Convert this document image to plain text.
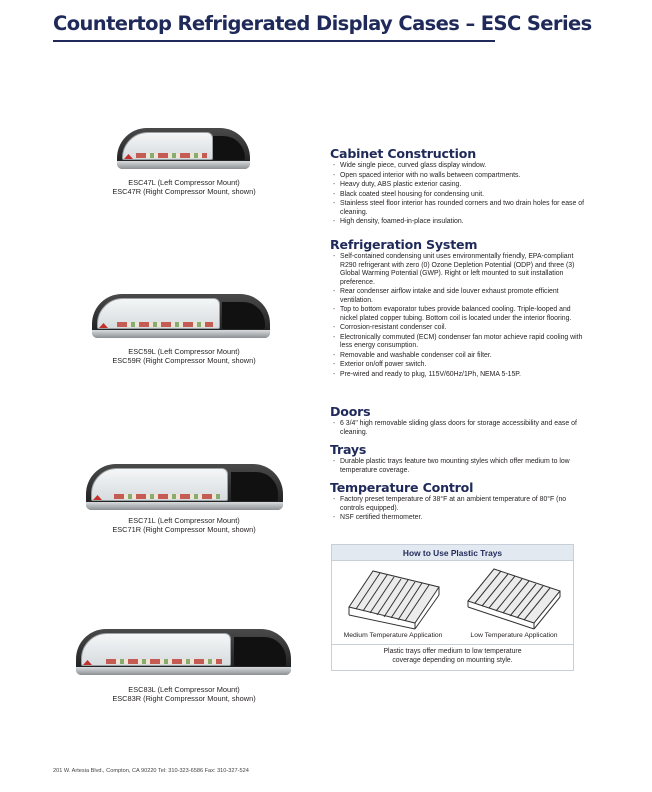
Countertop Refrigerated Display Cases – ESC Series
ESC47L (Left Compressor Mount)
ESC47R (Right Compressor Mount, shown)
ESC59L (Left Compressor Mount)
ESC59R (Right Compressor Mount, shown)
ESC71L (Left Compressor Mount)
ESC71R (Right Compressor Mount, shown)
ESC83L (Left Compressor Mount)
ESC83R (Right Compressor Mount, shown)
Cabinet Construction
- Wide single piece, curved glass display window.
- Open spaced interior with no walls between compartments.
- Heavy duty, ABS plastic exterior casing.
- Black coated steel housing for condensing unit.
- Stainless steel floor interior has rounded corners and two drain holes for ease of cleaning.
- High density, foamed-in-place insulation.
Refrigeration System
- Self-contained condensing unit uses environmentally friendly, EPA-compliant R290 refrigerant with zero (0) Ozone Depletion Potential (ODP) and three (3) Global Warming Potential (GWP). Right or left mounted to suit installation preference.
- Rear condenser airflow intake and side louver exhaust promote efficient ventilation.
- Top to bottom evaporator tubes provide balanced cooling. Triple-looped and nickel plated copper tubing. Bottom coil is located under the interior flooring.
- Corrosion-resistant condenser coil.
- Electronically commuted (ECM) condenser fan motor achieve rapid cooling with less energy consumption.
- Removable and washable condenser coil air filter.
- Exterior on/off power switch.
- Pre-wired and ready to plug, 115V/60Hz/1Ph, NEMA 5-15P.
Doors
- 6 3/4" high removable sliding glass doors for storage accessibility and ease of cleaning.
Trays
- Durable plastic trays feature two mounting styles which offer medium to low temperature coverage.
Temperature Control
- Factory preset temperature of 38°F at an ambient temperature of 80°F (no controls equipped).
- NSF certified thermometer.
How to Use Plastic Trays
Medium Temperature Application	Low Temperature Application
Plastic trays offer medium to low temperature
coverage depending on mounting style.
201 W. Artesia Blvd., Compton, CA 90220 Tel: 310-323-6586 Fax: 310-327-524
